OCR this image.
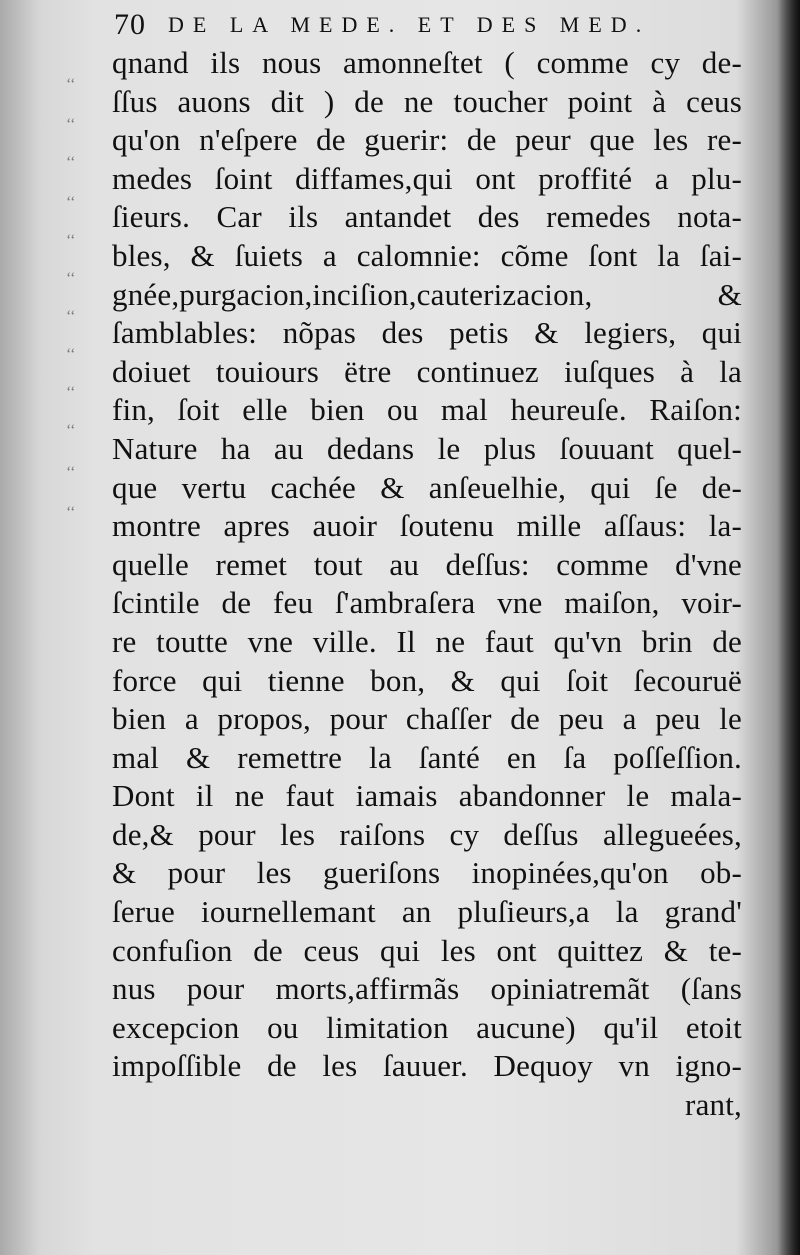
70 DE LA MEDE. ET DES MED.
‘‘
‘‘
‘‘
‘‘
‘‘
‘‘
‘‘
‘‘
‘‘
‘‘
‘‘
‘‘
qnand ils nous amonneſtet ( comme cy de-
ſſus auons dit ) de ne toucher point à ceus
qu'on n'eſpere de guerir: de peur que les re-
medes ſoint diffames,qui ont proffité a plu-
ſieurs. Car ils antandet des remedes nota-
bles, & ſuiets a calomnie: cõme ſont la ſai-
gnée,purgacion,inciſion,cauterizacion, &
ſamblables: nõpas des petis & legiers, qui
doiuet touiours ëtre continuez iuſques à la
fin, ſoit elle bien ou mal heureuſe. Raiſon:
Nature ha au dedans le plus ſouuant quel-
que vertu cachée & anſeuelhie, qui ſe de-
montre apres auoir ſoutenu mille aſſaus: la-
quelle remet tout au deſſus: comme d'vne
ſcintile de feu ſ'ambraſera vne maiſon, voir-
re toutte vne ville. Il ne faut qu'vn brin de
force qui tienne bon, & qui ſoit ſecouruë
bien a propos, pour chaſſer de peu a peu le
mal & remettre la ſanté en ſa poſſeſſion.
Dont il ne faut iamais abandonner le mala-
de,& pour les raiſons cy deſſus allegueées,
& pour les gueriſons inopinées,qu'on ob-
ſerue iournellemant an pluſieurs,a la grand'
confuſion de ceus qui les ont quittez & te-
nus pour morts,affirmãs opiniatremãt (ſans
excepcion ou limitation aucune) qu'il etoit
impoſſible de les ſauuer. Dequoy vn igno-
rant,
